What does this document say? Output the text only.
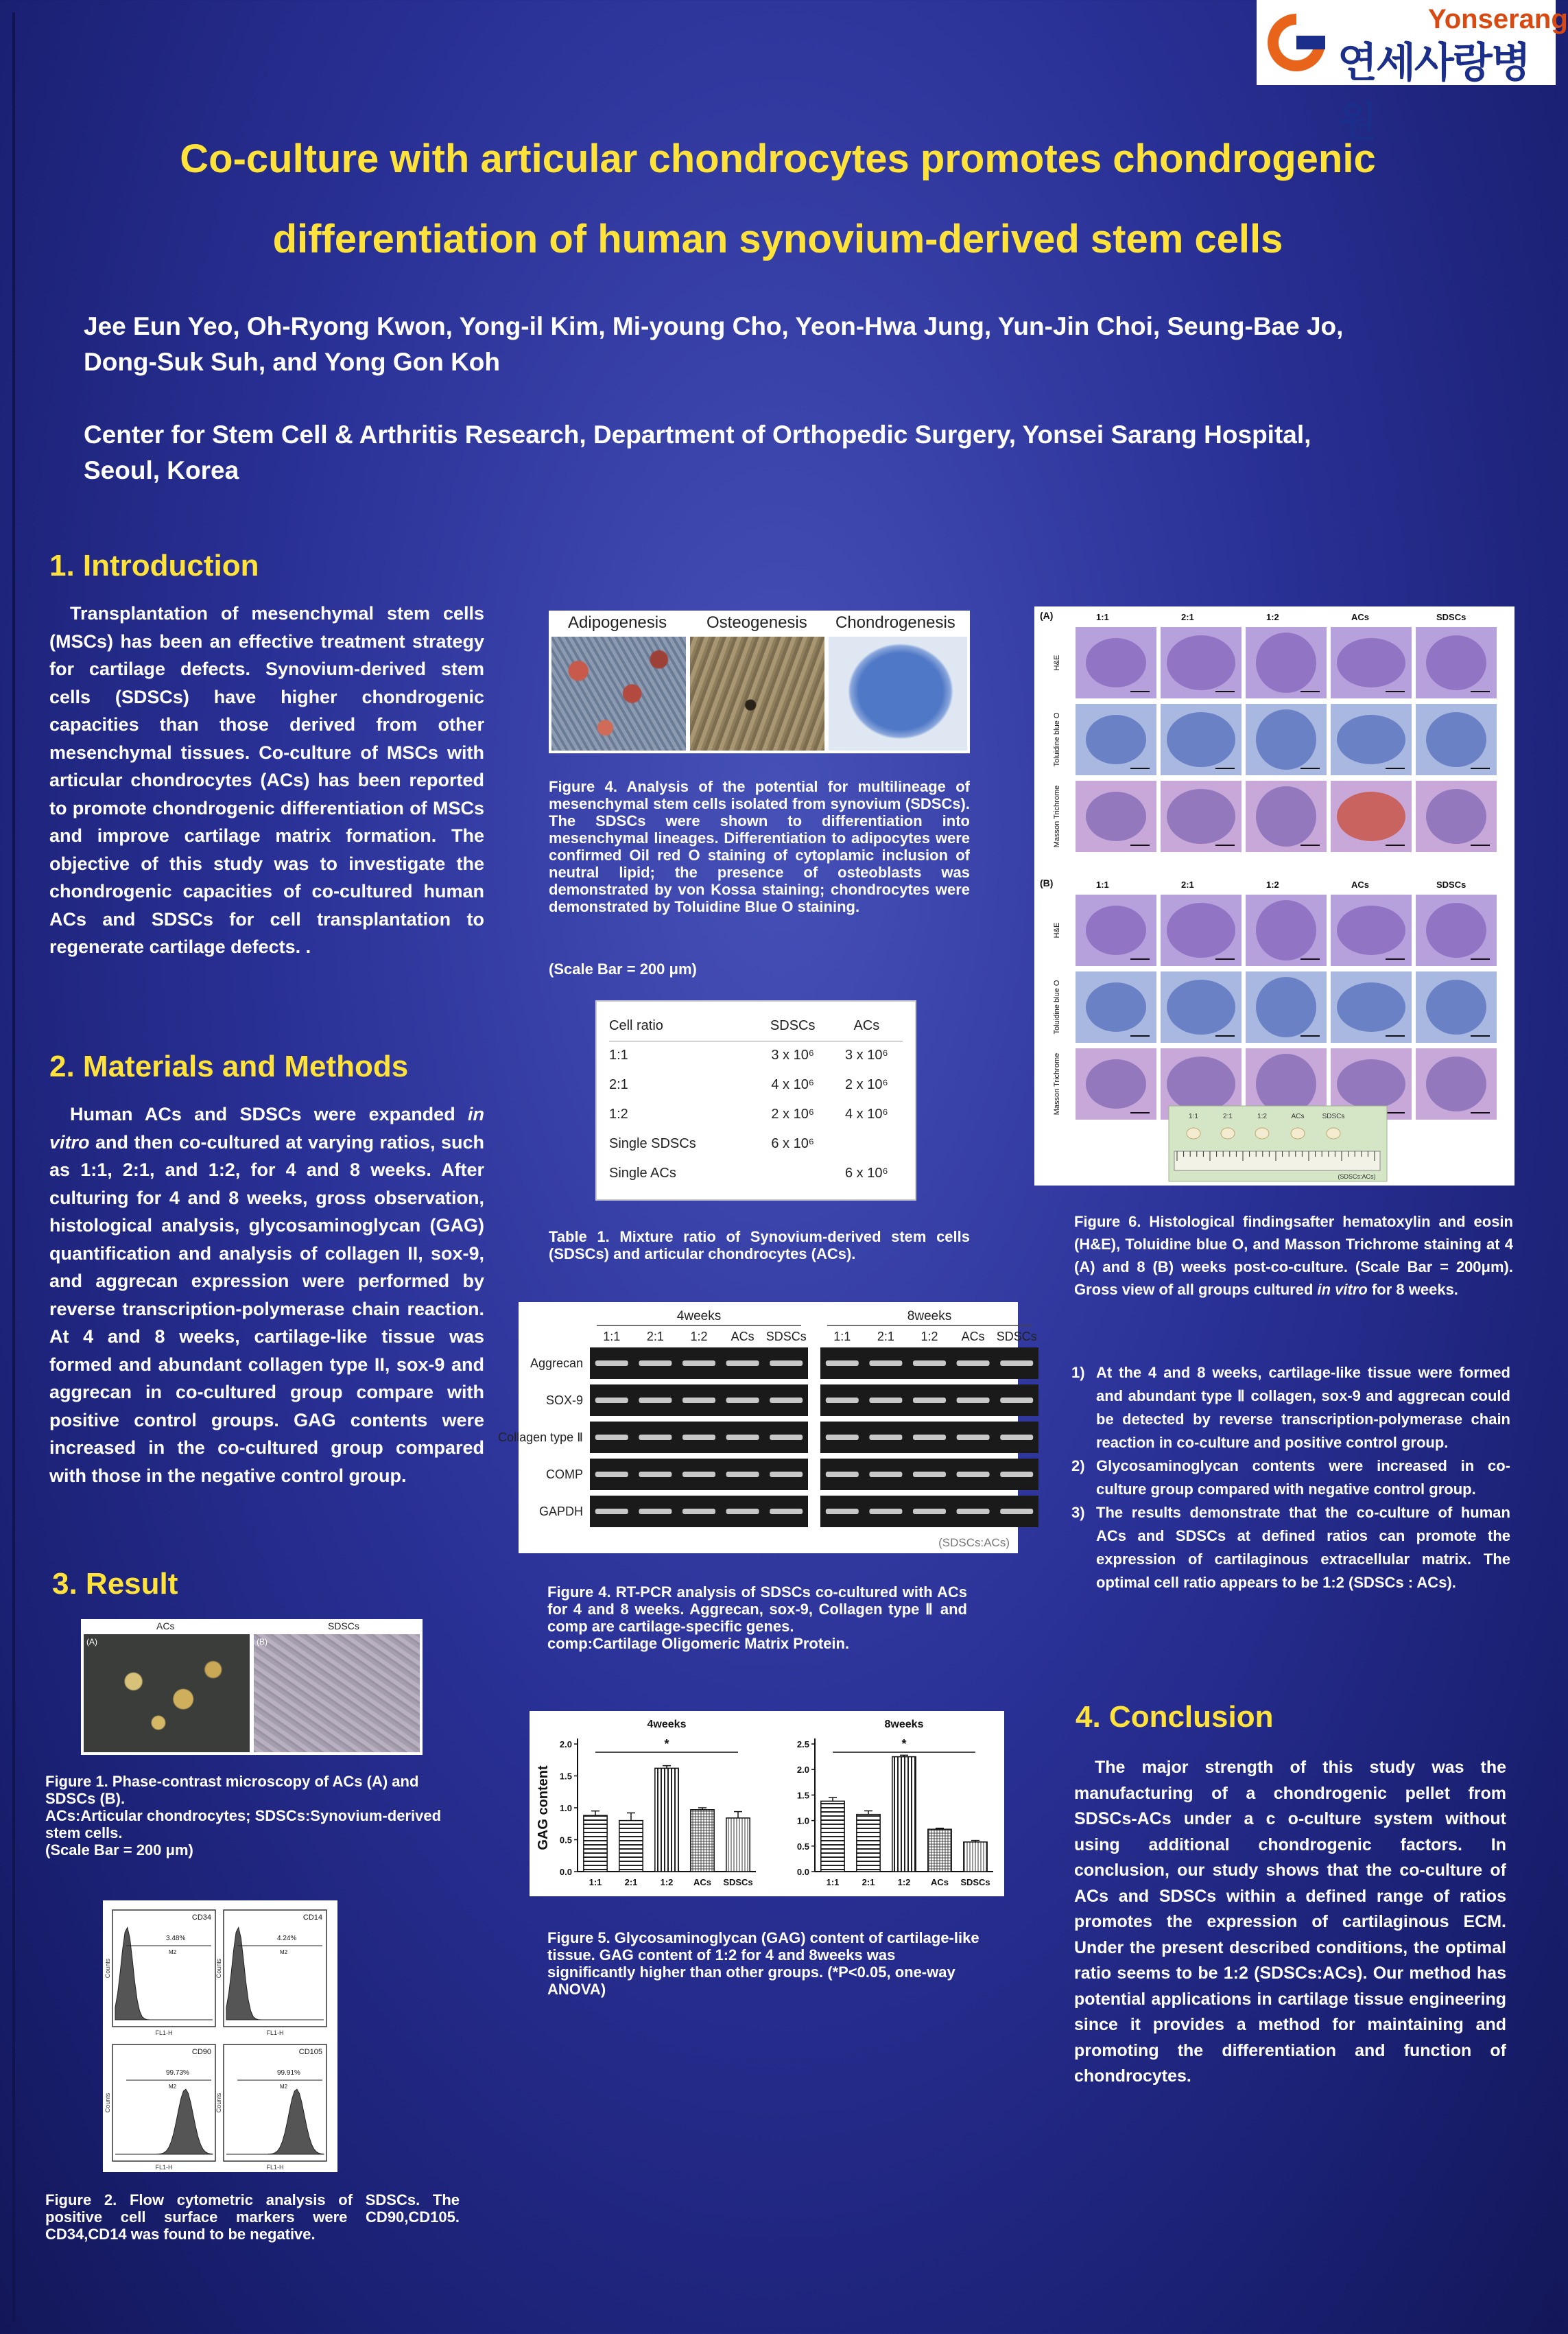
Yonserang
연세사랑병원
Co-culture with articular chondrocytes promotes chondrogenic
differentiation of human synovium-derived stem cells
Jee Eun Yeo, Oh-Ryong Kwon, Yong-il Kim, Mi-young Cho, Yeon-Hwa Jung, Yun-Jin Choi, Seung-Bae Jo,
Dong-Suk Suh, and Yong Gon Koh
Center for Stem Cell & Arthritis Research, Department of Orthopedic Surgery, Yonsei Sarang Hospital,
Seoul, Korea
1. Introduction
Transplantation of mesenchymal stem cells (MSCs) has been an effective treatment strategy for cartilage defects. Synovium-derived stem cells (SDSCs) have higher chondrogenic capacities than those derived from other mesenchymal tissues. Co-culture of MSCs with articular chondrocytes (ACs) has been reported to promote chondrogenic differentiation of MSCs and improve cartilage matrix formation. The objective of this study was to investigate the chondrogenic capacities of co-cultured human ACs and SDSCs for cell transplantation to regenerate cartilage defects. .
2. Materials and Methods
Human ACs and SDSCs were expanded in vitro and then co-cultured at varying ratios, such as 1:1, 2:1, and 1:2, for 4 and 8 weeks. After culturing for 4 and 8 weeks, gross observation, histological analysis, glycosaminoglycan (GAG) quantification and analysis of collagen II, sox-9, and aggrecan expression were performed by reverse transcription-polymerase chain reaction. At 4 and 8 weeks, cartilage-like tissue was formed and abundant collagen type II, sox-9 and aggrecan in co-cultured group compare with positive control groups. GAG contents were increased in the co-cultured group compared with those in the negative control group.
3. Result
ACs	SDSCs
(A)	(B)
Figure 1. Phase-contrast microscopy of ACs (A) and SDSCs (B).
ACs:Articular chondrocytes; SDSCs:Synovium-derived stem cells.
(Scale Bar = 200 μm)
CD34
3.48%
M2
FL1-H
Counts
CD14
4.24%
M2
FL1-H
Counts
CD90
99.73%
M2
FL1-H
Counts
CD105
99.91%
M2
FL1-H
Counts
Figure 2. Flow cytometric analysis of SDSCs. The positive cell surface markers were CD90,CD105. CD34,CD14 was found to be negative.
Adipogenesis Osteogenesis Chondrogenesis
Figure 4. Analysis of the potential for multilineage of mesenchymal stem cells isolated from synovium (SDSCs). The SDSCs were shown to differentiation into mesenchymal lineages. Differentiation to adipocytes were confirmed Oil red O staining of cytoplamic inclusion of neutral lipid; the presence of osteoblasts was demonstrated by von Kossa staining; chondrocytes were demonstrated by Toluidine Blue O staining.
(Scale Bar = 200 μm)
Cell ratio	SDSCs	ACs
1:1	3 x 10⁶	3 x 10⁶
2:1	4 x 10⁶	2 x 10⁶
1:2	2 x 10⁶	4 x 10⁶
Single SDSCs	6 x 10⁶	
Single ACs		6 x 10⁶
Table 1. Mixture ratio of Synovium-derived stem cells (SDSCs) and articular chondrocytes (ACs).
4weeks
1:1 2:1 1:2 ACs SDSCs
8weeks
1:1 2:1 1:2 ACs SDSCs
Aggrecan
SOX-9
Collagen type Ⅱ
COMP
GAPDH
(SDSCs:ACs)
Figure 4. RT-PCR analysis of SDSCs co-cultured with ACs for 4 and 8 weeks. Aggrecan, sox-9, Collagen type Ⅱ and comp are cartilage-specific genes.
comp:Cartilage Oligomeric Matrix Protein.
4weeks
GAG content
0.0
0.5
1.0
1.5
2.0
1:1	2:1	1:2 ACs SDSCs
*
8weeks
0.0
0.5
1.0
1.5
2.0
2.5
1:1	2:1	1:2 ACs SDSCs
*
Figure 5. Glycosaminoglycan (GAG) content of cartilage-like tissue. GAG content of 1:2 for 4 and 8weeks was significantly higher than other groups. (*P<0.05, one-way ANOVA)
(A)	1:1	2:1	1:2	ACs	SDSCs
H&E
Toluidine blue O
Masson Trichrome
(B)	1:1	2:1	1:2	ACs	SDSCs
H&E
Toluidine blue O
Masson Trichrome
1:1	2:1	1:2	ACs	SDSCs
(SDSCs:ACs)
Figure 6. Histological findingsafter hematoxylin and eosin (H&E), Toluidine blue O, and Masson Trichrome staining at 4 (A) and 8 (B) weeks post-co-culture. (Scale Bar = 200μm). Gross view of all groups cultured in vitro for 8 weeks.
1) At the 4 and 8 weeks, cartilage-like tissue were formed and abundant type Ⅱ collagen, sox-9 and aggrecan could be detected by reverse transcription-polymerase chain reaction in co-culture and positive control group.
2) Glycosaminoglycan contents were increased in co-culture group compared with negative control group.
3) The results demonstrate that the co-culture of human ACs and SDSCs at defined ratios can promote the expression of cartilaginous extracellular matrix. The optimal cell ratio appears to be 1:2 (SDSCs : ACs).
4. Conclusion
The major strength of this study was the manufacturing of a chondrogenic pellet from SDSCs-ACs under a c o-culture system without using additional chondrogenic factors. In conclusion, our study shows that the co-culture of ACs and SDSCs within a defined range of ratios promotes the expression of cartilaginous ECM. Under the present described conditions, the optimal ratio seems to be 1:2 (SDSCs:ACs). Our method has potential applications in cartilage tissue engineering since it provides a method for maintaining and promoting the differentiation and function of chondrocytes.
